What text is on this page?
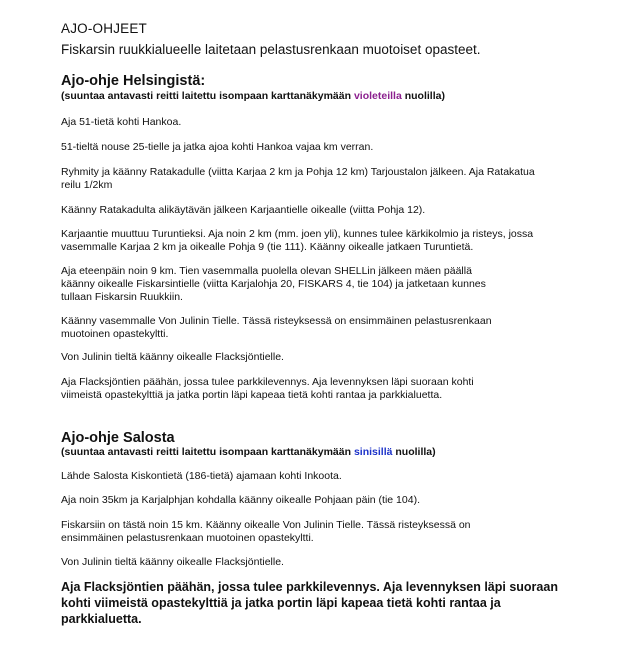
AJO-OHJEET

Fiskarsin ruukkialueelle laitetaan pelastusrenkaan muotoiset opasteet.

Ajo-ohje Helsingistä:

(suuntaa antavasti reitti laitettu isompaan karttanäkymään violeteilla nuolilla)

Aja 51-tietä kohti Hankoa.

51-tieltä nouse 25-tielle ja jatka ajoa kohti Hankoa vajaa km verran.

Ryhmity ja käänny Ratakadulle (viitta Karjaa 2 km ja Pohja 12 km) Tarjoustalon jälkeen. Aja Ratakatua
reilu 1/2km

Käänny Ratakadulta alikäytävän jälkeen Karjaantielle oikealle (viitta Pohja 12).

Karjaantie muuttuu Turuntieksi. Aja noin 2 km (mm. joen yli), kunnes tulee kärkikolmio ja risteys, jossa
vasemmalle Karjaa 2 km ja oikealle Pohja 9 (tie 111). Käänny oikealle jatkaen Turuntietä.

Aja eteenpäin noin 9 km. Tien vasemmalla puolella olevan SHELLin jälkeen mäen päällä
käänny oikealle Fiskarsintielle (viitta Karjalohja 20, FISKARS 4, tie 104) ja jatketaan kunnes
tullaan Fiskarsin Ruukkiin.

Käänny vasemmalle Von Julinin Tielle. Tässä risteyksessä on ensimmäinen pelastusrenkaan
muotoinen opastekyltti.

Von Julinin tieltä käänny oikealle Flacksjöntielle.

Aja Flacksjöntien päähän, jossa tulee parkkilevennys. Aja levennyksen läpi suoraan kohti
viimeistä opastekylttiä ja jatka portin läpi kapeaa tietä kohti rantaa ja parkkialuetta.

Ajo-ohje Salosta

(suuntaa antavasti reitti laitettu isompaan karttanäkymään sinisillä nuolilla)

Lähde Salosta Kiskontietä (186-tietä) ajamaan kohti Inkoota.

Aja noin 35km ja Karjalphjan kohdalla käänny oikealle Pohjaan päin (tie 104).

Fiskarsiin on tästä noin 15 km. Käänny oikealle Von Julinin Tielle. Tässä risteyksessä on
ensimmäinen pelastusrenkaan muotoinen opastekyltti.

Von Julinin tieltä käänny oikealle Flacksjöntielle.

Aja Flacksjöntien päähän, jossa tulee parkkilevennys. Aja levennyksen läpi suoraan
kohti viimeistä opastekylttiä ja jatka portin läpi kapeaa tietä kohti rantaa ja
parkkialuetta.
